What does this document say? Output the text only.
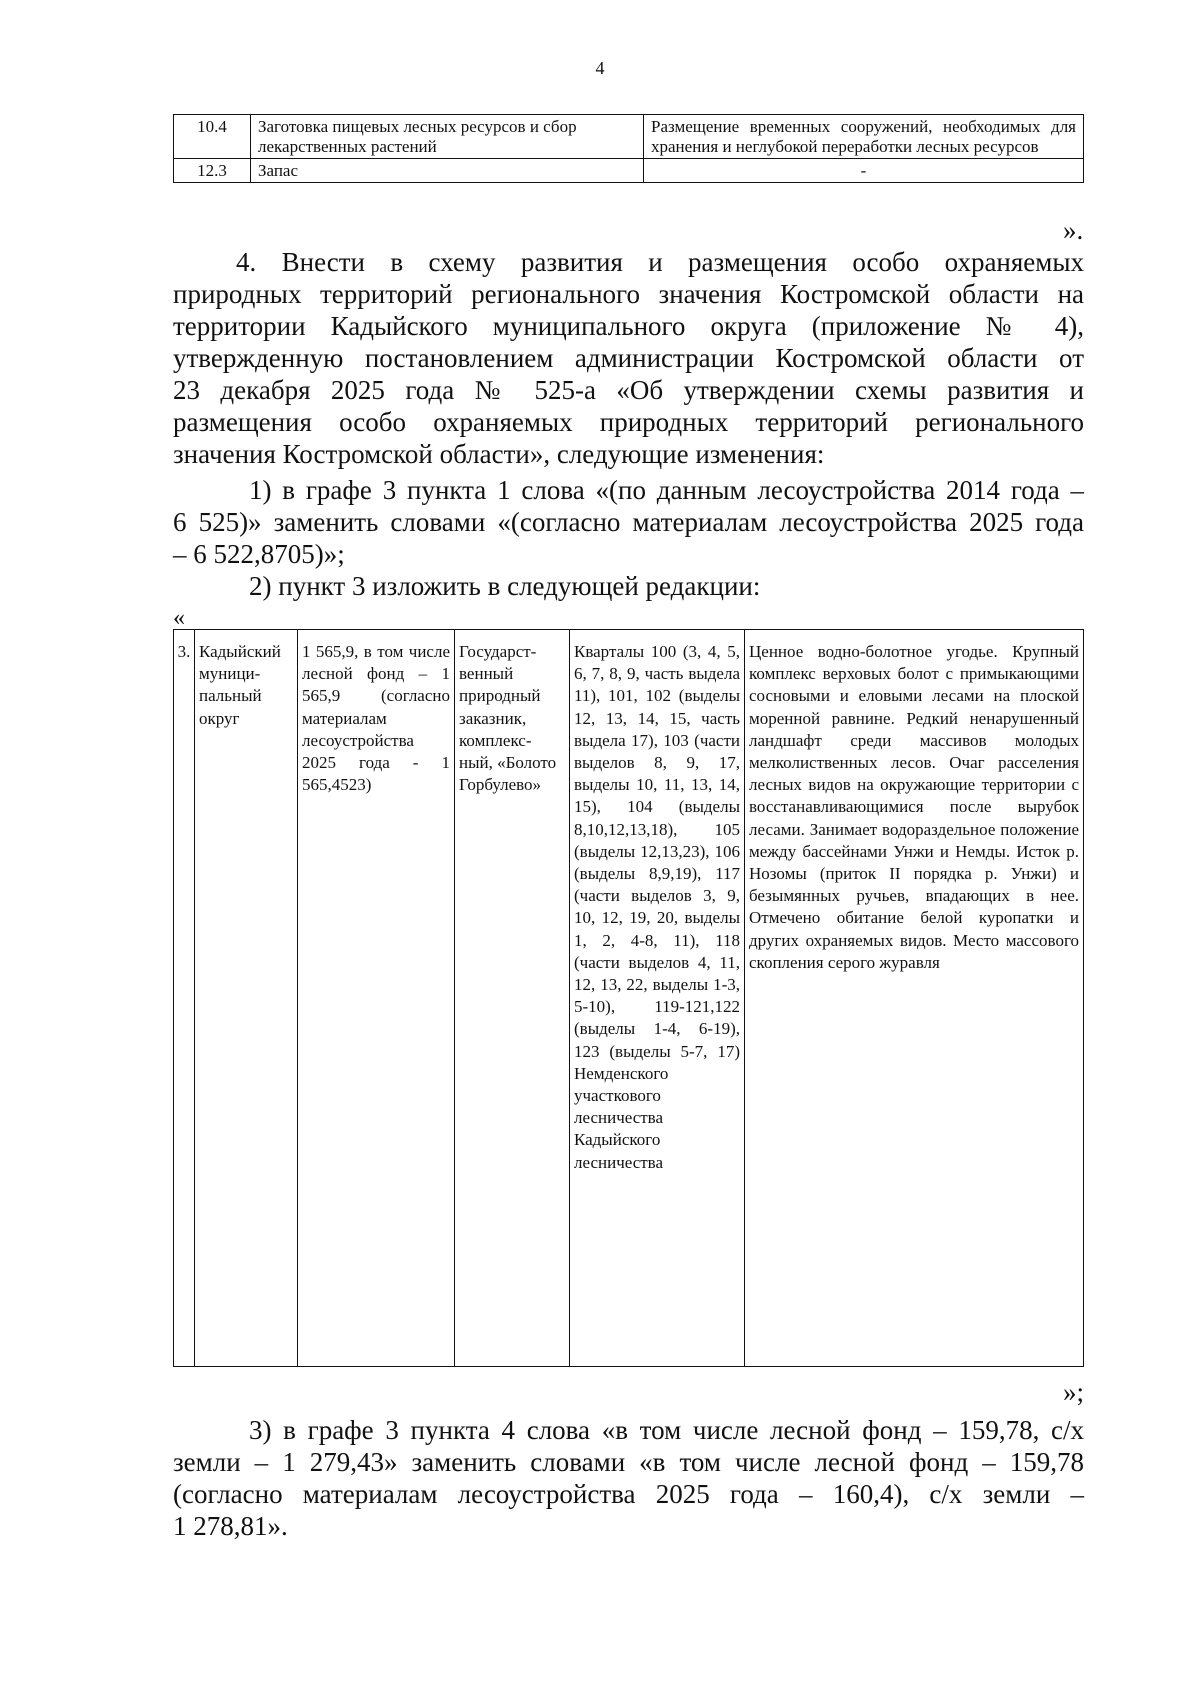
4
10.4	Заготовка пищевых лесных ресурсов и сбор лекарственных растений	Размещение временных сооружений, необходимых для хранения и неглубокой переработки лесных ресурсов
12.3	Запас	-
».
4. Внести в схему развития и размещения особо охраняемых
природных территорий регионального значения Костромской области на
территории Кадыйского муниципального округа (приложение № 4),
утвержденную постановлением администрации Костромской области от
23 декабря 2025 года № 525-а «Об утверждении схемы развития и
размещения особо охраняемых природных территорий регионального
значения Костромской области», следующие изменения:
1) в графе 3 пункта 1 слова «(по данным лесоустройства 2014 года –
6 525)» заменить словами «(согласно материалам лесоустройства 2025 года
– 6 522,8705)»;
2) пункт 3 изложить в следующей редакции:
«
3.	Кадыйский муници-пальный округ	1 565,9, в том числе лесной фонд – 1 565,9 (согласно материалам лесоустройства 2025 года - 1 565,4523)	Государст-венный природный заказник, комплекс-ный, «Болото Горбулево»	Кварталы 100 (3, 4, 5, 6, 7, 8, 9, часть выдела 11), 101, 102 (выделы 12, 13, 14, 15, часть выдела 17), 103 (части выделов 8, 9, 17, выделы 10, 11, 13, 14, 15), 104 (выделы 8,10,12,13,18), 105 (выделы 12,13,23), 106 (выделы 8,9,19), 117 (части выделов 3, 9, 10, 12, 19, 20, выделы 1, 2, 4-8, 11), 118 (части выделов 4, 11, 12, 13, 22, выделы 1-3, 5-10), 119-121,122 (выделы 1-4, 6-19), 123 (выделы 5-7, 17) Немденского участкового лесничества Кадыйского лесничества	Ценное водно-болотное угодье. Крупный комплекс верховых болот с примыкающими сосновыми и еловыми лесами на плоской моренной равнине. Редкий ненарушенный ландшафт среди массивов молодых мелколиственных лесов. Очаг расселения лесных видов на окружающие территории с восстанавливающимися после вырубок лесами. Занимает водораздельное положение между бассейнами Унжи и Немды. Исток р. Нозомы (приток II порядка р. Унжи) и безымянных ручьев, впадающих в нее. Отмечено обитание белой куропатки и других охраняемых видов. Место массового скопления серого журавля
»;
3) в графе 3 пункта 4 слова «в том числе лесной фонд – 159,78, с/х
земли – 1 279,43» заменить словами «в том числе лесной фонд – 159,78
(согласно материалам лесоустройства 2025 года – 160,4), с/х земли –
1 278,81».
